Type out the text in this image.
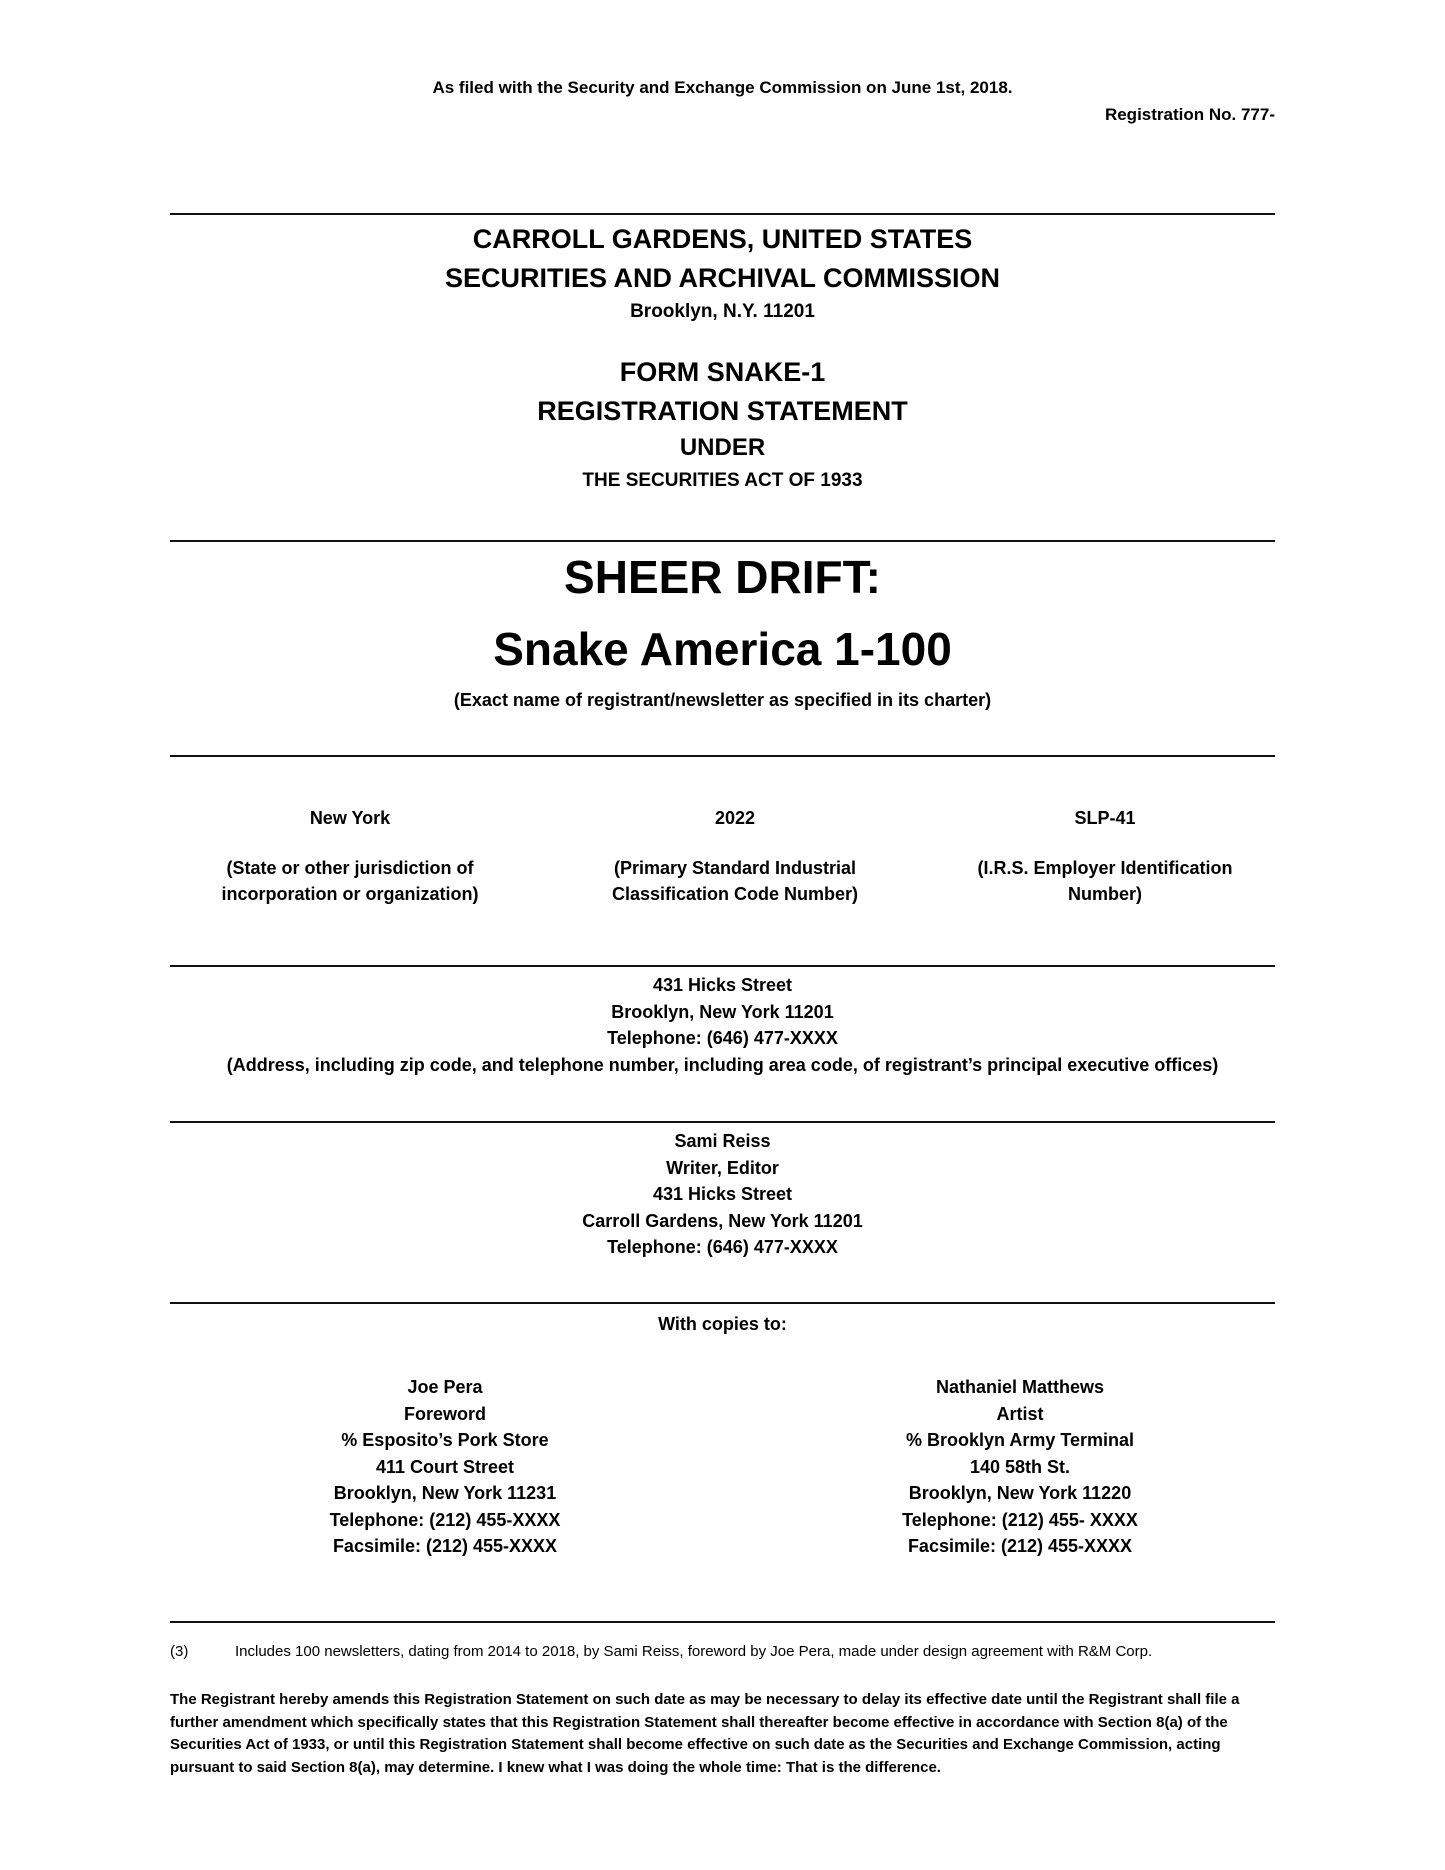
As filed with the Security and Exchange Commission on June 1st, 2018.
Registration No. 777-
CARROLL GARDENS, UNITED STATES
SECURITIES AND ARCHIVAL COMMISSION
Brooklyn, N.Y. 11201
FORM SNAKE-1
REGISTRATION STATEMENT
UNDER
THE SECURITIES ACT OF 1933
SHEER DRIFT:
Snake America 1-100
(Exact name of registrant/newsletter as specified in its charter)
New York
(State or other jurisdiction of
incorporation or organization)
2022
(Primary Standard Industrial
Classification Code Number)
SLP-41
(I.R.S. Employer Identification
Number)
431 Hicks Street
Brooklyn, New York 11201
Telephone: (646) 477-XXXX
(Address, including zip code, and telephone number, including area code, of registrant’s principal executive offices)
Sami Reiss
Writer, Editor
431 Hicks Street
Carroll Gardens, New York 11201
Telephone: (646) 477-XXXX
With copies to:
Joe Pera
Foreword
% Esposito’s Pork Store
411 Court Street
Brooklyn, New York 11231
Telephone: (212) 455-XXXX
Facsimile: (212) 455-XXXX
Nathaniel Matthews
Artist
% Brooklyn Army Terminal
140 58th St.
Brooklyn, New York 11220
Telephone: (212) 455- XXXX
Facsimile: (212) 455-XXXX
(3)	Includes 100 newsletters, dating from 2014 to 2018, by Sami Reiss, foreword by Joe Pera, made under design agreement with R&M Corp.
The Registrant hereby amends this Registration Statement on such date as may be necessary to delay its effective date until the Registrant shall file a further amendment which specifically states that this Registration Statement shall thereafter become effective in accordance with Section 8(a) of the Securities Act of 1933, or until this Registration Statement shall become effective on such date as the Securities and Exchange Commission, acting pursuant to said Section 8(a), may determine. I knew what I was doing the whole time: That is the difference.
